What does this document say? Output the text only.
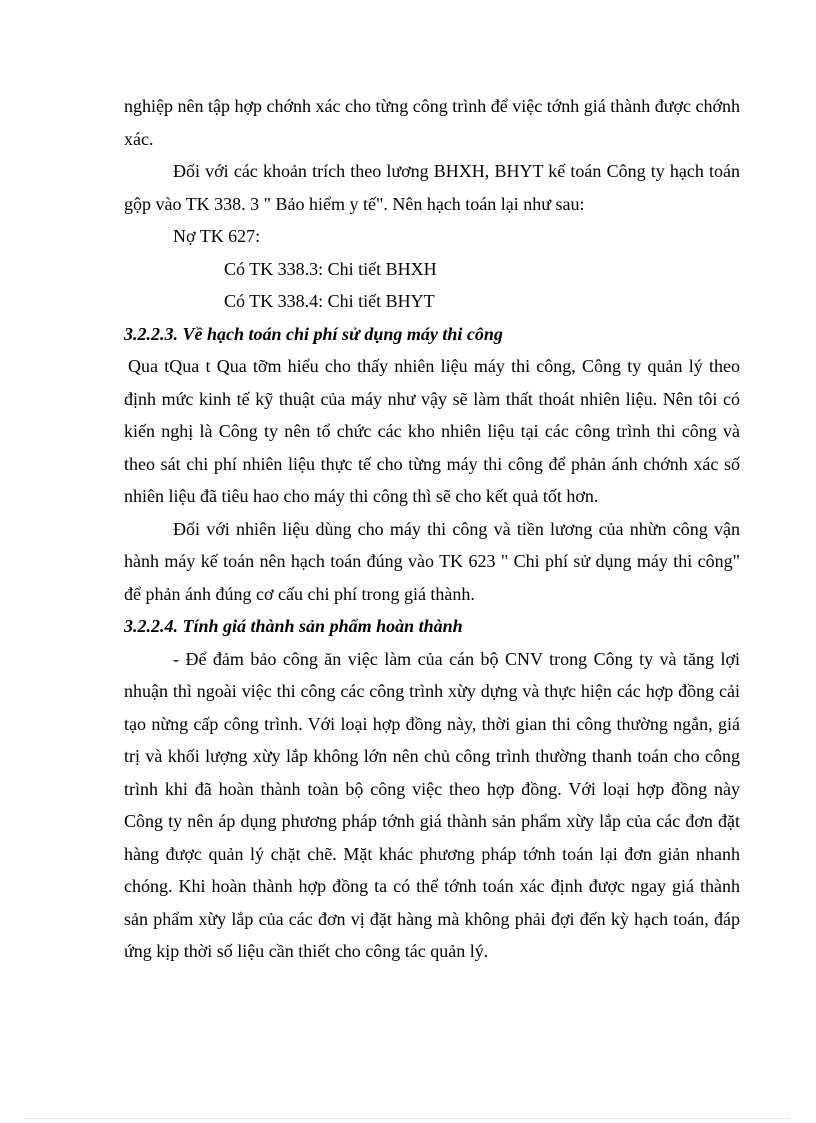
nghiệp nên tập hợp chớnh xác cho từng công trình để việc tớnh giá thành được chớnh xác.

Đối với các khoản trích theo lương BHXH, BHYT kế toán Công ty hạch toán gộp vào TK 338. 3 " Bảo hiểm y tế". Nên hạch toán lại như sau:

Nợ TK 627:

Có TK 338.3: Chi tiết BHXH

Có TK 338.4: Chi tiết BHYT

3.2.2.3. Về hạch toán chi phí sử dụng máy thi công

Qua tQua t Qua tỡm hiểu cho thấy nhiên liệu máy thi công, Công ty quản lý theo định mức kinh tế kỹ thuật của máy như vậy sẽ làm thất thoát nhiên liệu. Nên tôi có kiến nghị là Công ty nên tổ chức các kho nhiên liệu tại các công trình thi công và theo sát chi phí nhiên liệu thực tế cho từng máy thi công để phản ánh chớnh xác số nhiên liệu đã tiêu hao cho máy thi công thì sẽ cho kết quả tốt hơn.

Đối với nhiên liệu dùng cho máy thi công và tiền lương của nhừn công vận hành máy kế toán nên hạch toán đúng vào TK 623 " Chi phí sử dụng máy thi công" để phản ánh đúng cơ cấu chi phí trong giá thành.

3.2.2.4. Tính giá thành sản phẩm hoàn thành

- Để đảm bảo công ăn việc làm của cán bộ CNV trong Công ty và tăng lợi nhuận thì ngoài việc thi công các công trình xừy dựng và thực hiện các hợp đồng cải tạo nừng cấp công trình. Với loại hợp đồng này, thời gian thi công thường ngắn, giá trị và khối lượng xừy lắp không lớn nên chủ công trình thường thanh toán cho công trình khi đã hoàn thành toàn bộ công việc theo hợp đồng. Với loại hợp đồng này Công ty nên áp dụng phương pháp tớnh giá thành sản phẩm xừy lắp của các đơn đặt hàng được quản lý chặt chẽ. Mặt khác phương pháp tớnh toán lại đơn giản nhanh chóng. Khi hoàn thành hợp đồng ta có thể tớnh toán xác định được ngay giá thành sản phẩm xừy lắp của các đơn vị đặt hàng mà không phải đợi đến kỳ hạch toán, đáp ứng kịp thời số liệu cần thiết cho công tác quản lý.
